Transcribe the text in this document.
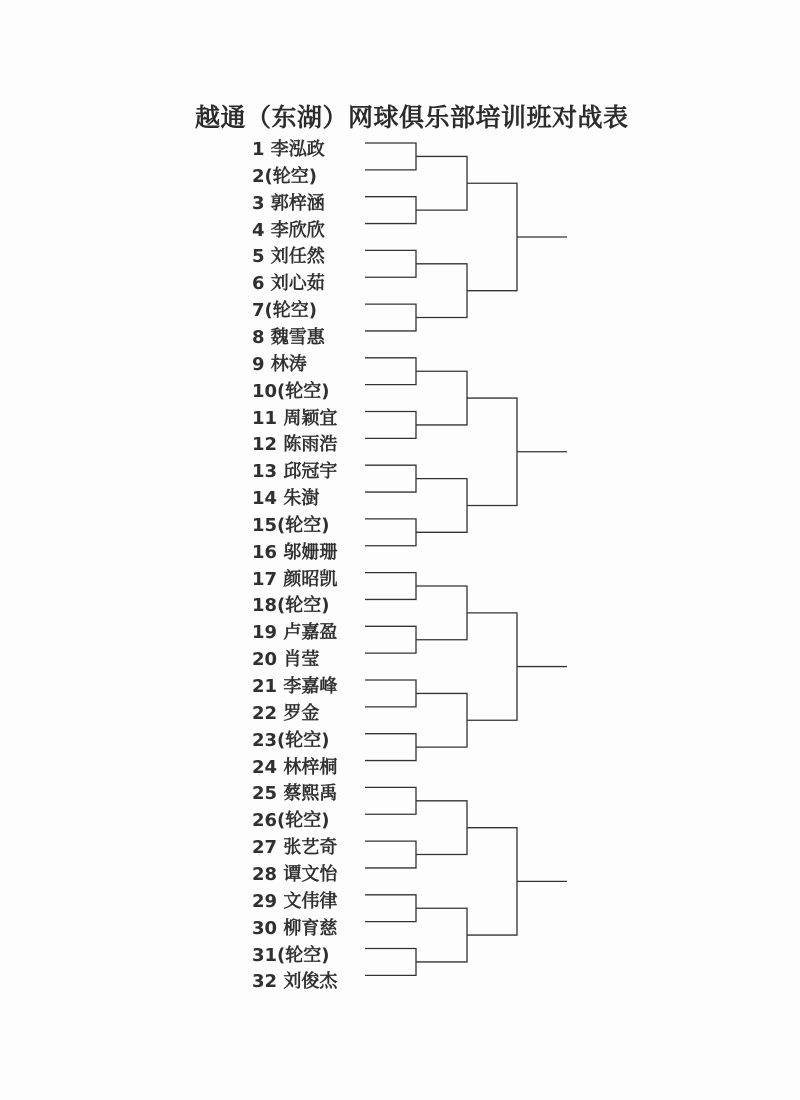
越通（东湖）网球俱乐部培训班对战表
1 李泓政
2(轮空)
3 郭梓涵
4 李欣欣
5 刘任然
6 刘心茹
7(轮空)
8 魏雪惠
9 林涛
10(轮空)
11 周颖宜
12 陈雨浩
13 邱冠宇
14 朱澍
15(轮空)
16 邬姗珊
17 颜昭凯
18(轮空)
19 卢嘉盈
20 肖莹
21 李嘉峰
22 罗金
23(轮空)
24 林梓桐
25 蔡熙禹
26(轮空)
27 张艺奇
28 谭文怡
29 文伟律
30 柳育慈
31(轮空)
32 刘俊杰
